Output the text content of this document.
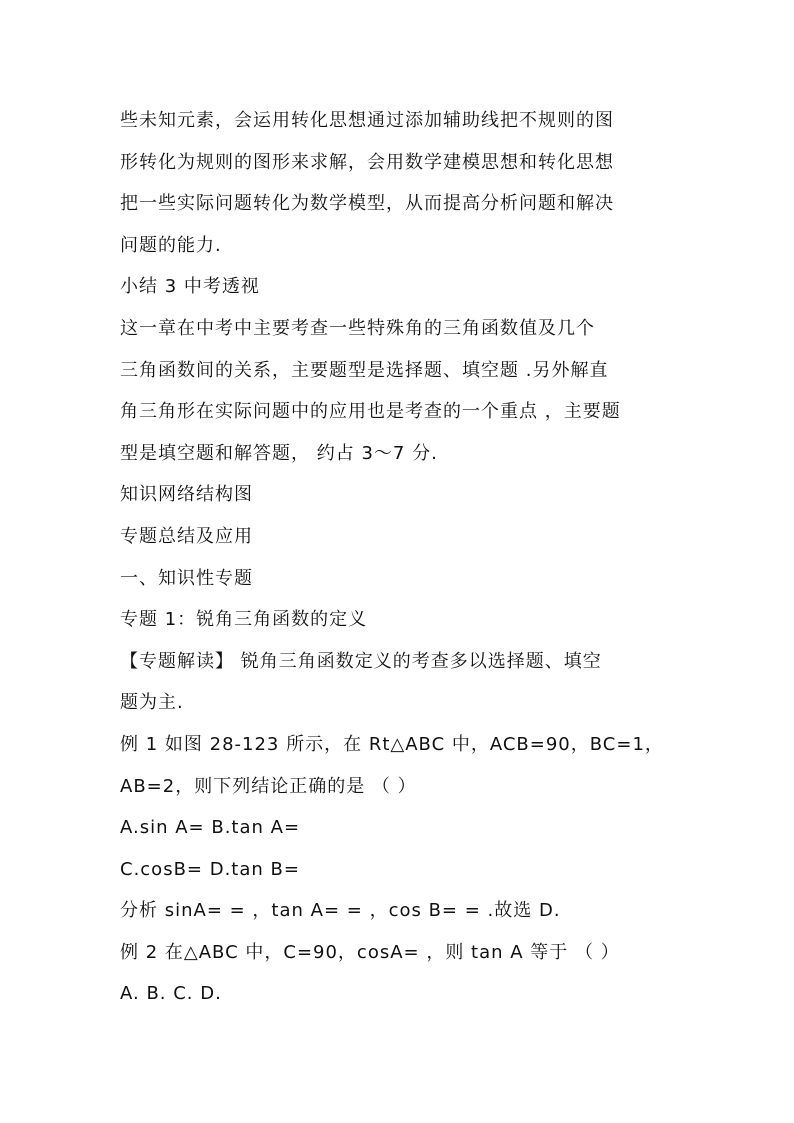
些未知元素，会运用转化思想通过添加辅助线把不规则的图
形转化为规则的图形来求解，会用数学建模思想和转化思想
把一些实际问题转化为数学模型，从而提高分析问题和解决
问题的能力.
小结 3 中考透视
这一章在中考中主要考查一些特殊角的三角函数值及几个
三角函数间的关系，主要题型是选择题、填空题 .另外解直
角三角形在实际问题中的应用也是考查的一个重点 ，主要题
型是填空题和解答题， 约占 3～7 分.
知识网络结构图
专题总结及应用
一、知识性专题
专题 1：锐角三角函数的定义
【专题解读】 锐角三角函数定义的考查多以选择题、填空
题为主.
例 1 如图 28-123 所示，在 Rt△ABC 中，ACB=90，BC=1，
AB=2，则下列结论正确的是 （ ）
A.sin A= B.tan A=
C.cosB= D.tan B=
分析 sinA= = ，tan A= = ，cos B= = .故选 D.
例 2 在△ABC 中，C=90，cosA= ，则 tan A 等于 （ ）
A. B. C. D.
